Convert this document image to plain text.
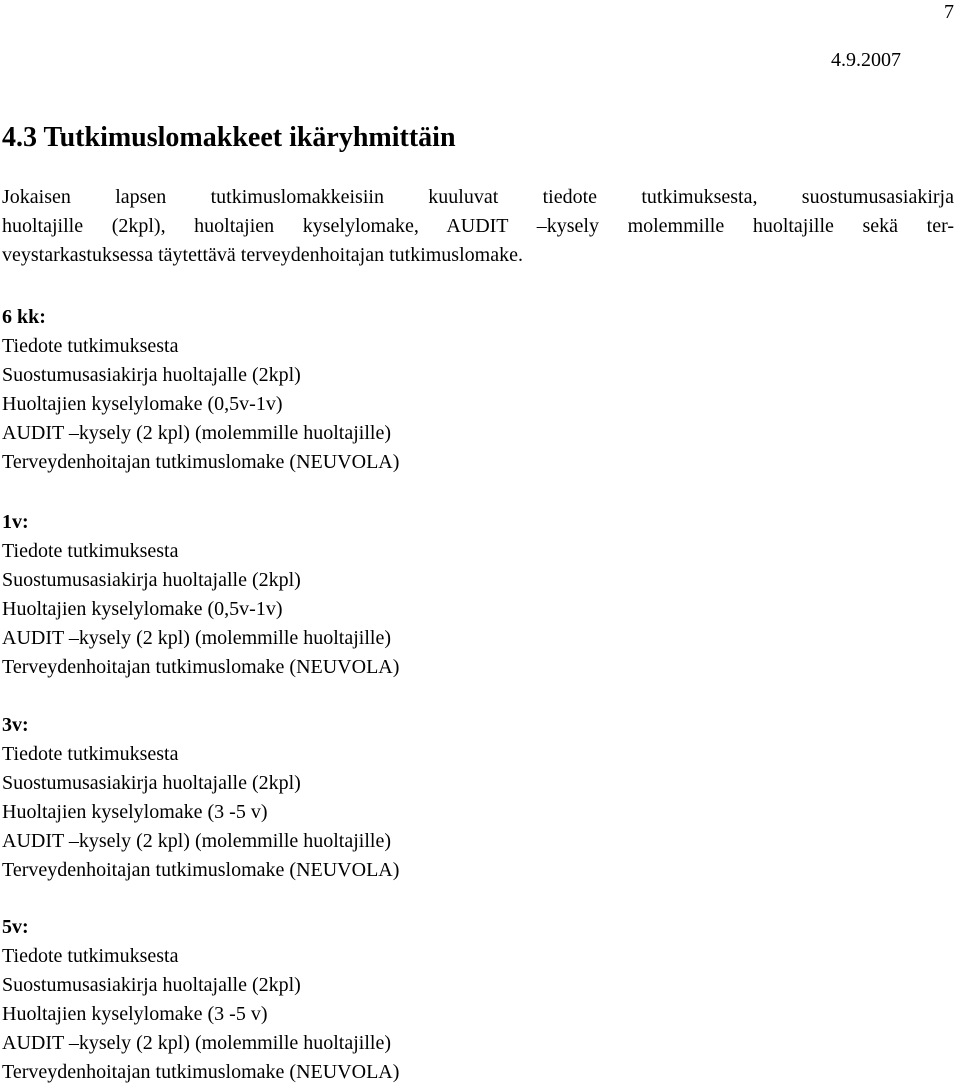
7
4.9.2007
4.3 Tutkimuslomakkeet ikäryhmittäin

Jokaisen lapsen tutkimuslomakkeisiin kuuluvat tiedote tutkimuksesta, suostumusasiakirja
huoltajille (2kpl), huoltajien kyselylomake, AUDIT –kysely molemmille huoltajille sekä ter-
veystarkastuksessa täytettävä terveydenhoitajan tutkimuslomake.

6 kk:
Tiedote tutkimuksesta
Suostumusasiakirja huoltajalle (2kpl)
Huoltajien kyselylomake (0,5v-1v)
AUDIT –kysely (2 kpl) (molemmille huoltajille)
Terveydenhoitajan tutkimuslomake (NEUVOLA)
1v:
Tiedote tutkimuksesta
Suostumusasiakirja huoltajalle (2kpl)
Huoltajien kyselylomake (0,5v-1v)
AUDIT –kysely (2 kpl) (molemmille huoltajille)
Terveydenhoitajan tutkimuslomake (NEUVOLA)
3v:
Tiedote tutkimuksesta
Suostumusasiakirja huoltajalle (2kpl)
Huoltajien kyselylomake (3 -5 v)
AUDIT –kysely (2 kpl) (molemmille huoltajille)
Terveydenhoitajan tutkimuslomake (NEUVOLA)
5v:
Tiedote tutkimuksesta
Suostumusasiakirja huoltajalle (2kpl)
Huoltajien kyselylomake (3 -5 v)
AUDIT –kysely (2 kpl) (molemmille huoltajille)
Terveydenhoitajan tutkimuslomake (NEUVOLA)
